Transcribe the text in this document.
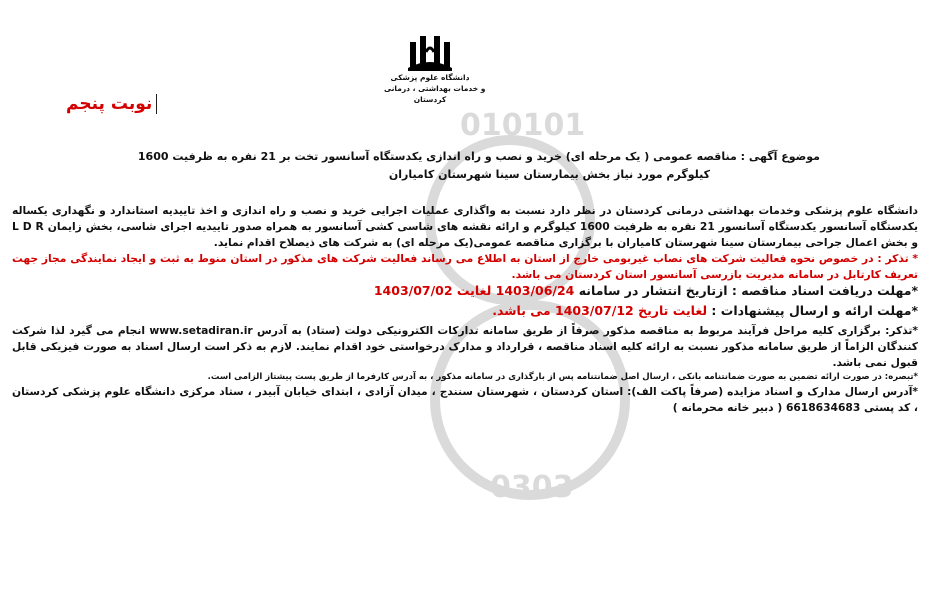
010101
0303
دانشگاه علوم پزشکی
و خدمات بهداشتی ، درمانی
کردستان
نوبت پنجم
موضوع آگهی : مناقصه عمومی ( یک مرحله ای) خرید و نصب و راه اندازی یکدستگاه آسانسور تخت بر 21 نفره به ظرفیت 1600
کیلوگرم مورد نیاز بخش بیمارستان سینا شهرستان کامیاران

دانشگاه علوم پزشکی وخدمات بهداشتی درمانی کردستان در نظر دارد نسبت به واگذاری عملیات اجرایی خرید و نصب و راه اندازی و اخذ تاییدیه استاندارد و نگهداری یکساله یکدستگاه آسانسور یکدستگاه آسانسور 21 نفره به ظرفیت 1600 کیلوگرم و ارائه نقشه های شاسی کشی آسانسور به همراه صدور تاییدیه اجرای شاسی، بخش زایمان L D R و بخش اعمال جراحی بیمارستان سینا شهرستان کامیاران با برگزاری مناقصه عمومی(یک مرحله ای) به شرکت های ذیصلاح اقدام نماید.

* تذکر : در خصوص نحوه فعالیت شرکت های نصاب غیربومی خارج از استان به اطلاع می رساند فعالیت شرکت های مذکور در استان منوط به ثبت و ایجاد نمایندگی مجاز جهت تعریف کارتابل در سامانه مدیریت بازرسی آسانسور استان کردستان می باشد.

*مهلت دریافت اسناد مناقصه : ازتاریخ انتشار در سامانه 1403/06/24 لغایت 1403/07/02

*مهلت ارائه و ارسال پیشنهادات : لغایت تاریخ 1403/07/12 می باشد.

*تذکر: برگزاری کلیه مراحل فرآیند مربوط به مناقصه مذکور صرفاً از طریق سامانه تدارکات الکترونیکی دولت (ستاد) به آدرس www.setadiran.ir انجام می گیرد لذا شرکت کنندگان الزاماً از طریق سامانه مذکور نسبت به ارائه کلیه اسناد مناقصه ، قرارداد و مدارک درخواستی خود اقدام نمایند. لازم به ذکر است ارسال اسناد به صورت فیزیکی قابل قبول نمی باشد.

*تبصره: در صورت ارائه تضمین به صورت ضمانتنامه بانکی ، ارسال اصل ضمانتنامه پس از بارگذاری در سامانه مذکور ، به آدرس کارفرما از طریق پست پیشتاز الزامی است.

*آدرس ارسال مدارک و اسناد مزایده (صرفاً پاکت الف): استان کردستان ، شهرستان سنندج ، میدان آزادی ، ابتدای خیابان آبیدر ، ستاد مرکزی دانشگاه علوم پزشکی کردستان ، کد پستی 6618634683 ( دبیر خانه محرمانه )
